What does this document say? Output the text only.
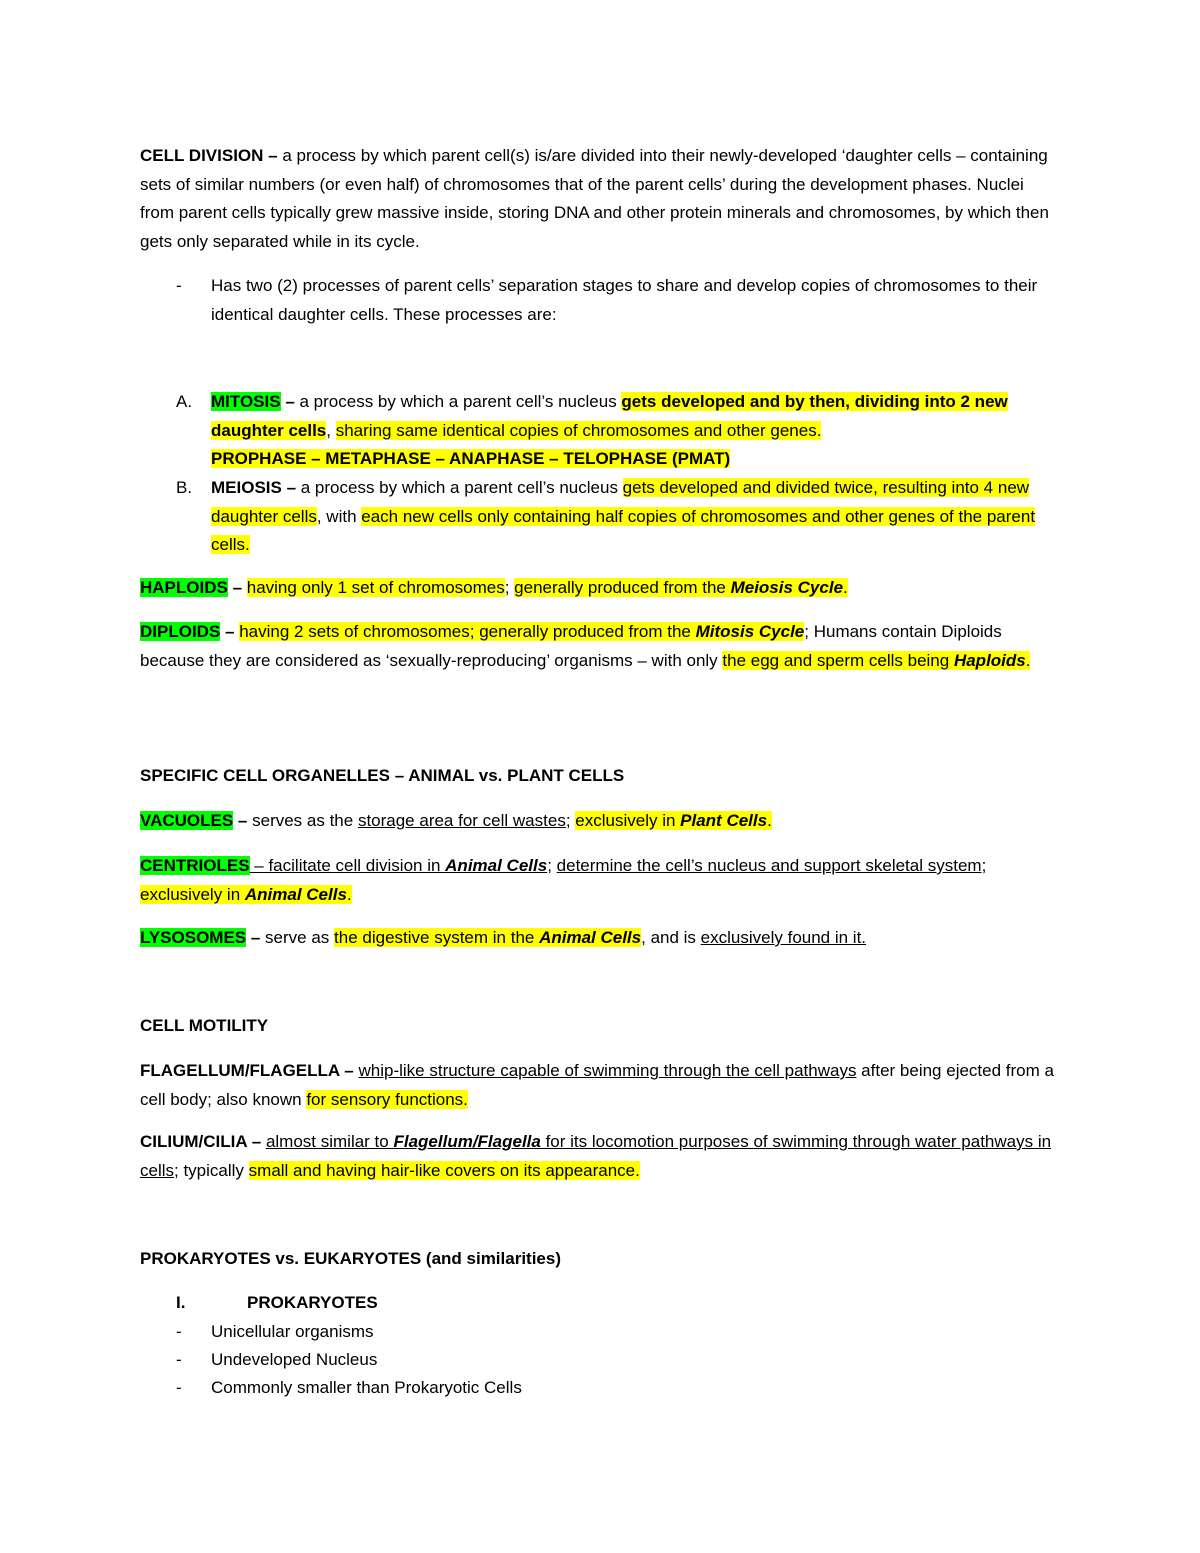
CELL DIVISION – a process by which parent cell(s) is/are divided into their newly-developed ‘daughter cells – containing sets of similar numbers (or even half) of chromosomes that of the parent cells’ during the development phases. Nuclei from parent cells typically grew massive inside, storing DNA and other protein minerals and chromosomes, by which then gets only separated while in its cycle.
- Has two (2) processes of parent cells’ separation stages to share and develop copies of chromosomes to their identical daughter cells. These processes are:
A. MITOSIS – a process by which a parent cell’s nucleus gets developed and by then, dividing into 2 new daughter cells, sharing same identical copies of chromosomes and other genes.
PROPHASE – METAPHASE – ANAPHASE – TELOPHASE (PMAT)
B. MEIOSIS – a process by which a parent cell’s nucleus gets developed and divided twice, resulting into 4 new daughter cells, with each new cells only containing half copies of chromosomes and other genes of the parent cells.
HAPLOIDS – having only 1 set of chromosomes; generally produced from the Meiosis Cycle.
DIPLOIDS – having 2 sets of chromosomes; generally produced from the Mitosis Cycle; Humans contain Diploids because they are considered as ‘sexually-reproducing’ organisms – with only the egg and sperm cells being Haploids.
SPECIFIC CELL ORGANELLES – ANIMAL vs. PLANT CELLS
VACUOLES – serves as the storage area for cell wastes; exclusively in Plant Cells.
CENTRIOLES – facilitate cell division in Animal Cells; determine the cell’s nucleus and support skeletal system; exclusively in Animal Cells.
LYSOSOMES – serve as the digestive system in the Animal Cells, and is exclusively found in it.
CELL MOTILITY
FLAGELLUM/FLAGELLA – whip-like structure capable of swimming through the cell pathways after being ejected from a cell body; also known for sensory functions.
CILIUM/CILIA – almost similar to Flagellum/Flagella for its locomotion purposes of swimming through water pathways in cells; typically small and having hair-like covers on its appearance.
PROKARYOTES vs. EUKARYOTES (and similarities)
I.	PROKARYOTES
- Unicellular organisms
- Undeveloped Nucleus
- Commonly smaller than Prokaryotic Cells
